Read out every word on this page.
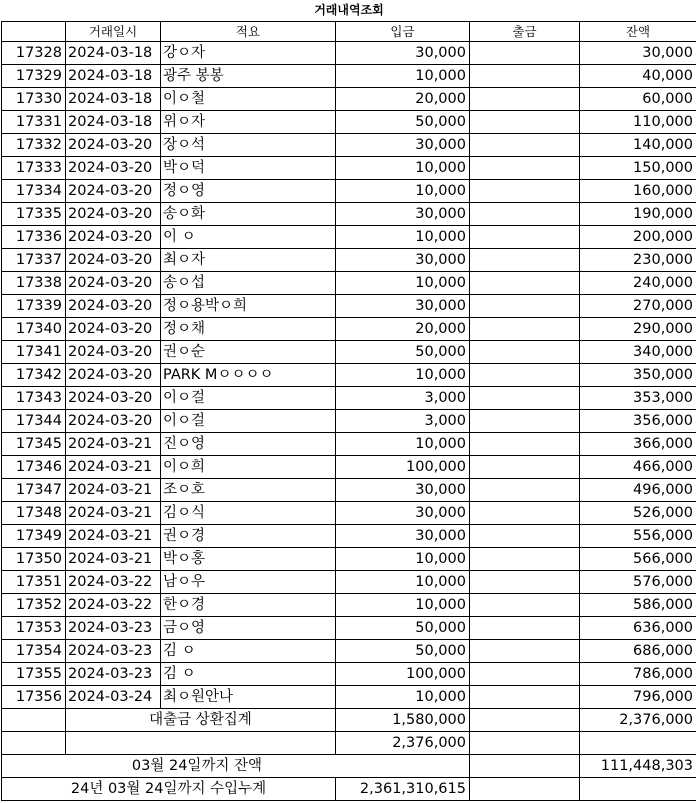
거래내역조회					
	거래일시	적요	입금	출금	잔액
17328	2024-03-18	강ㅇ자	30,000		30,000
17329	2024-03-18	광주 봉봉	10,000		40,000
17330	2024-03-18	이ㅇ철	20,000		60,000
17331	2024-03-18	위ㅇ자	50,000		110,000
17332	2024-03-20	장ㅇ석	30,000		140,000
17333	2024-03-20	박ㅇ덕	10,000		150,000
17334	2024-03-20	정ㅇ영	10,000		160,000
17335	2024-03-20	송ㅇ화	30,000		190,000
17336	2024-03-20	이 ㅇ	10,000		200,000
17337	2024-03-20	최ㅇ자	30,000		230,000
17338	2024-03-20	송ㅇ섭	10,000		240,000
17339	2024-03-20	정ㅇ용박ㅇ희	30,000		270,000
17340	2024-03-20	정ㅇ채	20,000		290,000
17341	2024-03-20	권ㅇ순	50,000		340,000
17342	2024-03-20	PARK Mㅇㅇㅇㅇ	10,000		350,000
17343	2024-03-20	이ㅇ걸	3,000		353,000
17344	2024-03-20	이ㅇ걸	3,000		356,000
17345	2024-03-21	진ㅇ영	10,000		366,000
17346	2024-03-21	이ㅇ희	100,000		466,000
17347	2024-03-21	조ㅇ호	30,000		496,000
17348	2024-03-21	김ㅇ식	30,000		526,000
17349	2024-03-21	권ㅇ경	30,000		556,000
17350	2024-03-21	박ㅇ홍	10,000		566,000
17351	2024-03-22	남ㅇ우	10,000		576,000
17352	2024-03-22	한ㅇ경	10,000		586,000
17353	2024-03-23	금ㅇ영	50,000		636,000
17354	2024-03-23	김 ㅇ	50,000		686,000
17355	2024-03-23	김 ㅇ	100,000		786,000
17356	2024-03-24	최ㅇ원안나	10,000		796,000
	대출금 상환집계		1,580,000		2,376,000
			2,376,000		
03월 24일까지 잔액					111,448,303
24년 03월 24일까지 수입누계			2,361,310,615		
